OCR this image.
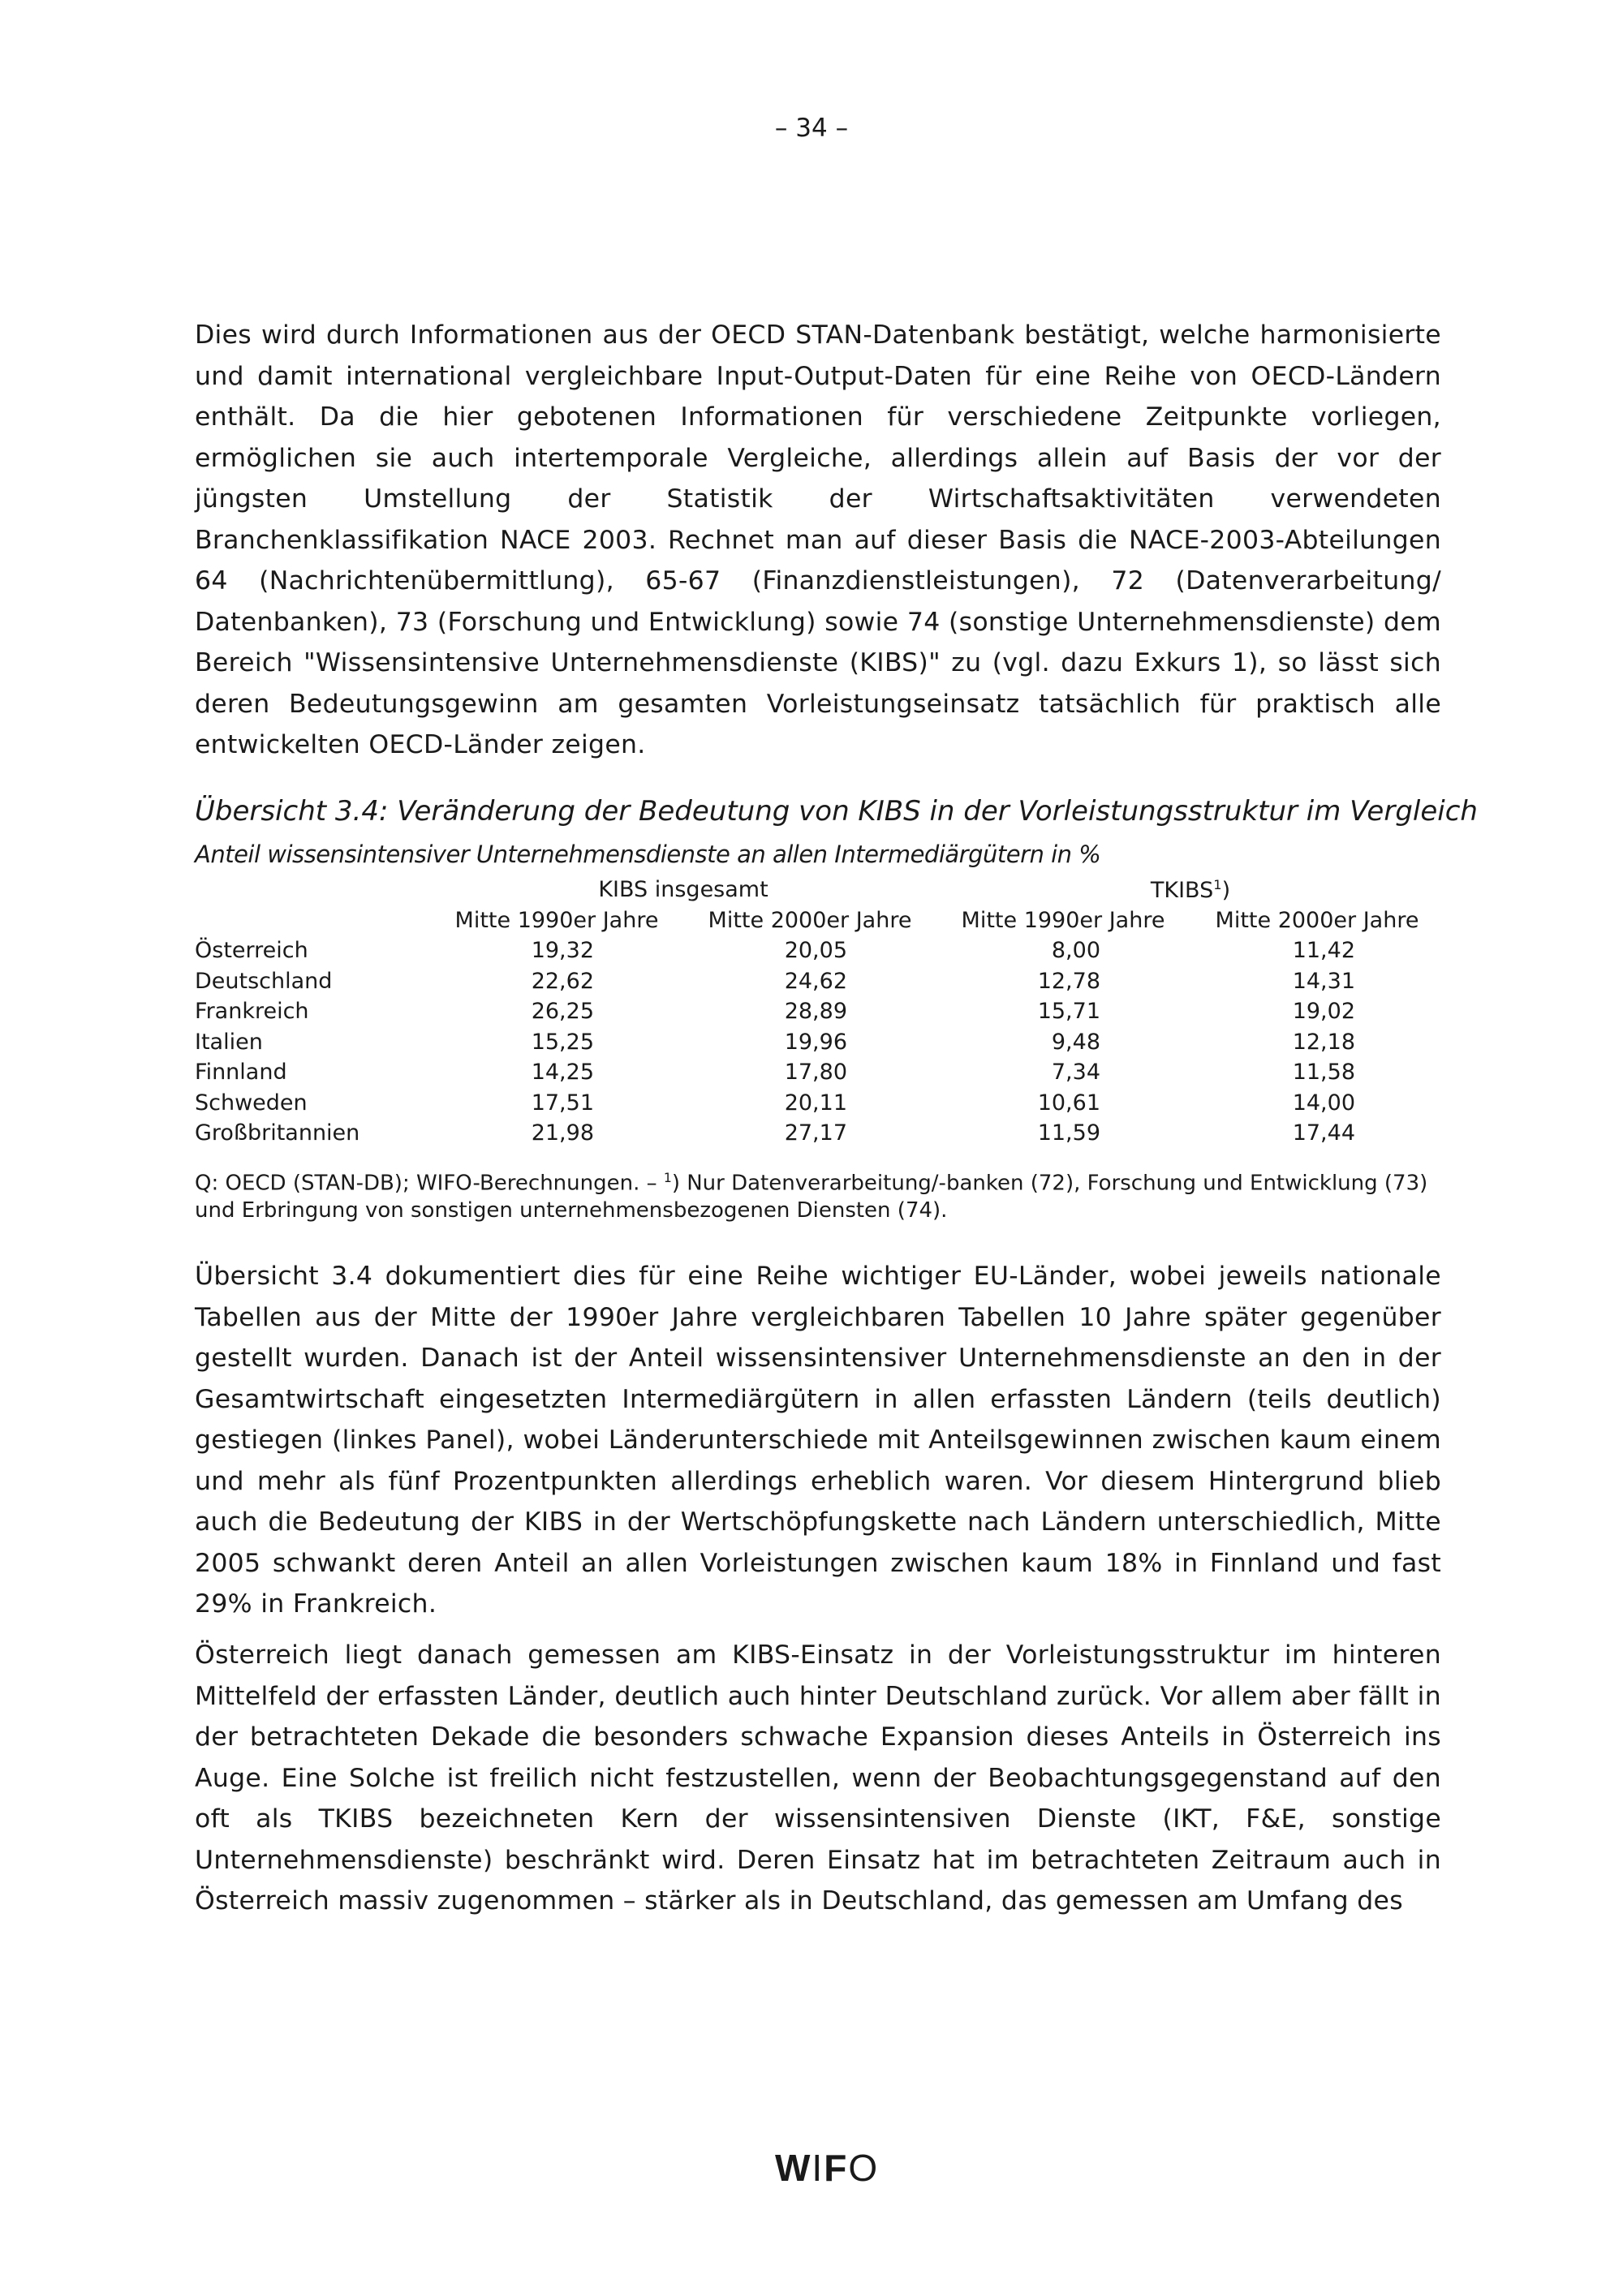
– 34 –

Dies wird durch Informationen aus der OECD STAN-Datenbank bestätigt, welche harmonisierte und damit international vergleichbare Input-Output-Daten für eine Reihe von OECD-Ländern enthält. Da die hier gebotenen Informationen für verschiedene Zeitpunkte vorliegen, ermöglichen sie auch intertemporale Vergleiche, allerdings allein auf Basis der vor der jüngsten Umstellung der Statistik der Wirtschaftsaktivitäten verwendeten Branchenklassifikation NACE 2003. Rechnet man auf dieser Basis die NACE-2003-Abteilungen 64 (Nachrichtenübermittlung), 65-67 (Finanzdienstleistungen), 72 (Datenverarbeitung/ Datenbanken), 73 (Forschung und Entwicklung) sowie 74 (sonstige Unternehmensdienste) dem Bereich "Wissensintensive Unternehmensdienste (KIBS)" zu (vgl. dazu Exkurs 1), so lässt sich deren Bedeutungsgewinn am gesamten Vorleistungseinsatz tatsächlich für praktisch alle entwickelten OECD-Länder zeigen.

Übersicht 3.4: Veränderung der Bedeutung von KIBS in der Vorleistungsstruktur im Vergleich
Anteil wissensintensiver Unternehmensdienste an allen Intermediärgütern in %
	KIBS insgesamt		TKIBS$^1$)	
	Mitte 1990er Jahre	Mitte 2000er Jahre	Mitte 1990er Jahre	Mitte 2000er Jahre
Österreich	19,32	20,05	8,00	11,42
Deutschland	22,62	24,62	12,78	14,31
Frankreich	26,25	28,89	15,71	19,02
Italien	15,25	19,96	9,48	12,18
Finnland	14,25	17,80	7,34	11,58
Schweden	17,51	20,11	10,61	14,00
Großbritannien	21,98	27,17	11,59	17,44
Q: OECD (STAN-DB); WIFO-Berechnungen. – $^1$) Nur Datenverarbeitung/-banken (72), Forschung und Entwicklung (73) und Erbringung von sonstigen unternehmensbezogenen Diensten (74).

Übersicht 3.4 dokumentiert dies für eine Reihe wichtiger EU-Länder, wobei jeweils nationale Tabellen aus der Mitte der 1990er Jahre vergleichbaren Tabellen 10 Jahre später gegenüber gestellt wurden. Danach ist der Anteil wissensintensiver Unternehmensdienste an den in der Gesamtwirtschaft eingesetzten Intermediärgütern in allen erfassten Ländern (teils deutlich) gestiegen (linkes Panel), wobei Länderunterschiede mit Anteilsgewinnen zwischen kaum einem und mehr als fünf Prozentpunkten allerdings erheblich waren. Vor diesem Hintergrund blieb auch die Bedeutung der KIBS in der Wertschöpfungskette nach Ländern unterschiedlich, Mitte 2005 schwankt deren Anteil an allen Vorleistungen zwischen kaum 18% in Finnland und fast 29% in Frankreich.

Österreich liegt danach gemessen am KIBS-Einsatz in der Vorleistungsstruktur im hinteren Mittelfeld der erfassten Länder, deutlich auch hinter Deutschland zurück. Vor allem aber fällt in der betrachteten Dekade die besonders schwache Expansion dieses Anteils in Österreich ins Auge. Eine Solche ist freilich nicht festzustellen, wenn der Beobachtungsgegenstand auf den oft als TKIBS bezeichneten Kern der wissensintensiven Dienste (IKT, F&E, sonstige Unternehmensdienste) beschränkt wird. Deren Einsatz hat im betrachteten Zeitraum auch in Österreich massiv zugenommen – stärker als in Deutschland, das gemessen am Umfang des

WIFO
